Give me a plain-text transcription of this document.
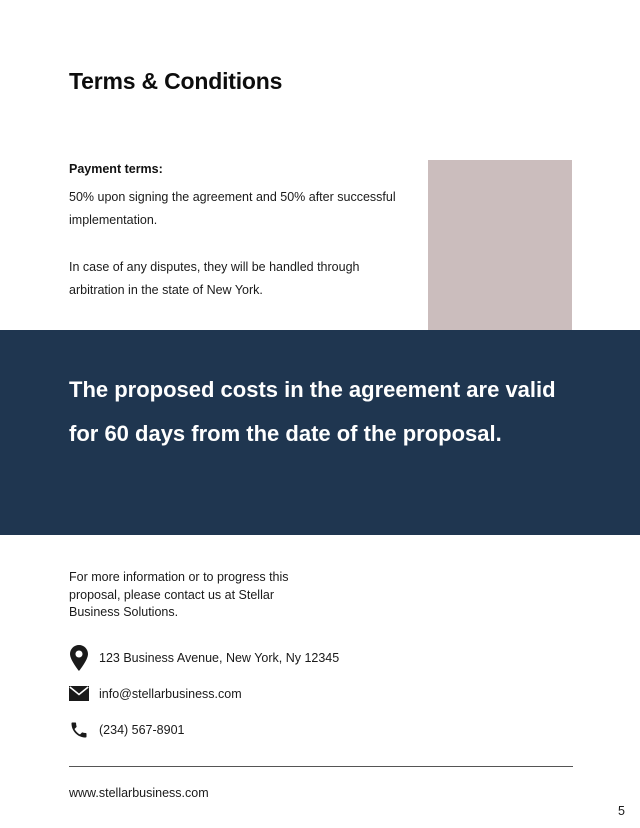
Terms & Conditions

Payment terms:

50% upon signing the agreement and 50% after successful implementation.

In case of any disputes, they will be handled through arbitration in the state of New York.

The proposed costs in the agreement are valid for 60 days from the date of the proposal.

For more information or to progress this proposal, please contact us at Stellar Business Solutions.

123 Business Avenue, New York, Ny 12345
info@stellarbusiness.com
(234) 567-8901
www.stellarbusiness.com
5
